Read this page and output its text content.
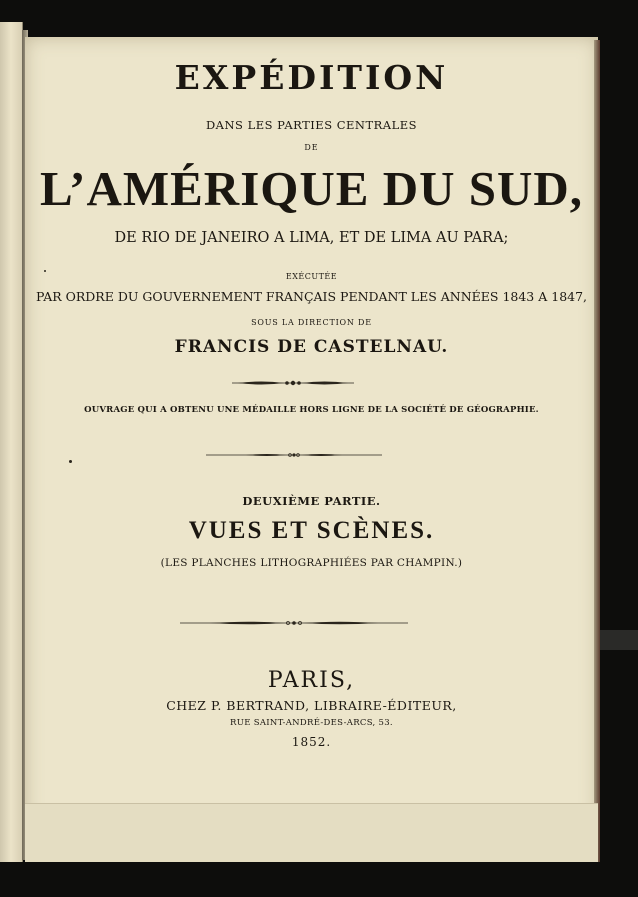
EXPÉDITION
DANS LES PARTIES CENTRALES
DE
L’AMÉRIQUE DU SUD,
DE RIO DE JANEIRO A LIMA, ET DE LIMA AU PARA;
EXÉCUTÉE
PAR ORDRE DU GOUVERNEMENT FRANÇAIS PENDANT LES ANNÉES 1843 A 1847,
SOUS LA DIRECTION DE
FRANCIS DE CASTELNAU.
OUVRAGE QUI A OBTENU UNE MÉDAILLE HORS LIGNE DE LA SOCIÉTÉ DE GÉOGRAPHIE.
DEUXIÈME PARTIE.
VUES ET SCÈNES.
(LES PLANCHES LITHOGRAPHIÉES PAR CHAMPIN.)
PARIS,
CHEZ P. BERTRAND, LIBRAIRE-ÉDITEUR,
RUE SAINT-ANDRÉ-DES-ARCS, 53.
1852.
